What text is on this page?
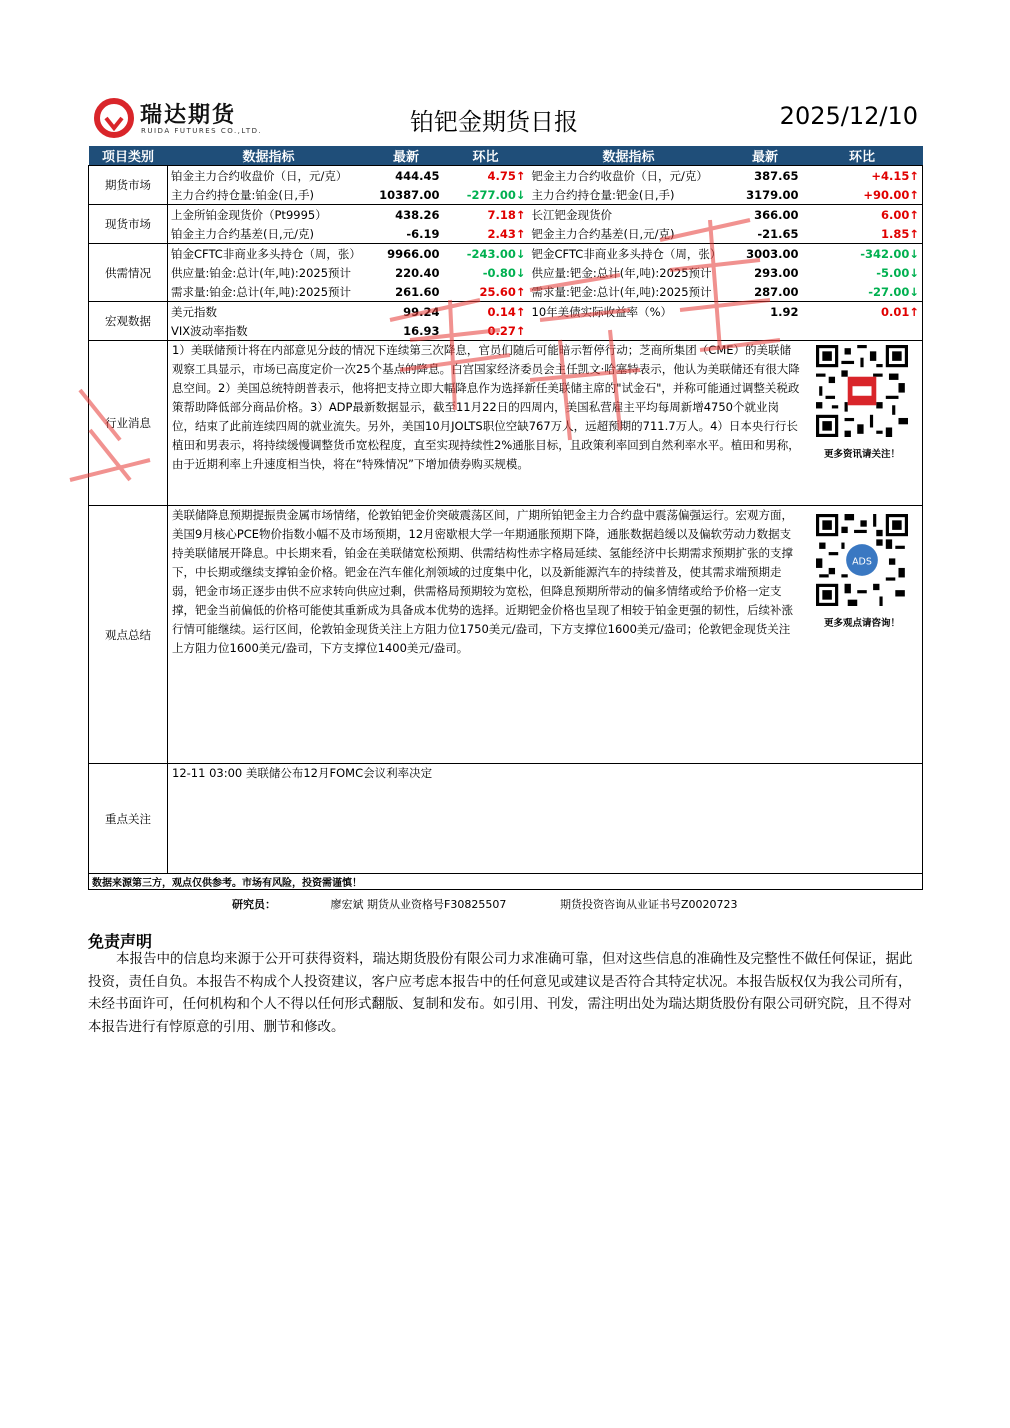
瑞达期货
RUIDA FUTURES CO.,LTD.	铂钯金期货日报	2025/12/10
项目类别	数据指标	最新	环比	数据指标	最新	环比
期货市场	铂金主力合约收盘价（日，元/克）	444.45	4.75↑	钯金主力合约收盘价（日，元/克）	387.65	+4.15↑
	主力合约持仓量:铂金(日,手)	10387.00	-277.00↓	主力合约持仓量:钯金(日,手)	3179.00	+90.00↑
现货市场	上金所铂金现货价（Pt9995）	438.26	7.18↑	长江钯金现货价	366.00	6.00↑
	铂金主力合约基差(日,元/克)	-6.19	2.43↑	钯金主力合约基差(日,元/克)	-21.65	1.85↑
供需情况	铂金CFTC非商业多头持仓（周，张）	9966.00	-243.00↓	钯金CFTC非商业多头持仓（周，张）	3003.00	-342.00↓
	供应量:铂金:总计(年,吨):2025预计	220.40	-0.80↓	供应量:钯金:总计(年,吨):2025预计	293.00	-5.00↓
	需求量:铂金:总计(年,吨):2025预计	261.60	25.60↑	需求量:钯金:总计(年,吨):2025预计	287.00	-27.00↓
宏观数据	美元指数	99.24	0.14↑	10年美债实际收益率（%）	1.92	0.01↑
	VIX波动率指数	16.93	0.27↑			
行业消息	1）美联储预计将在内部意见分歧的情况下连续第三次降息，官员们随后可能暗示暂停行动；芝商所集团（CME）的美联储观察工具显示，市场已高度定价一次25个基点的降息。白宫国家经济委员会主任凯文·哈塞特表示，他认为美联储还有很大降息空间。2）美国总统特朗普表示，他将把支持立即大幅降息作为选择新任美联储主席的"试金石"，并称可能通过调整关税政策帮助降低部分商品价格。3）ADP最新数据显示，截至11月22日的四周内，美国私营雇主平均每周新增4750个就业岗位，结束了此前连续四周的就业流失。另外，美国10月JOLTS职位空缺767万人，远超预期的711.7万人。4）日本央行行长植田和男表示，将持续缓慢调整货币宽松程度，直至实现持续性2%通胀目标，且政策利率回到自然利率水平。植田和男称，由于近期利率上升速度相当快，将在“特殊情况”下增加债券购买规模。
更多资讯请关注！					

观点总结	美联储降息预期提振贵金属市场情绪，伦敦铂钯金价突破震荡区间，广期所铂钯金主力合约盘中震荡偏强运行。宏观方面，美国9月核心PCE物价指数小幅不及市场预期，12月密歇根大学一年期通胀预期下降，通胀数据趋缓以及偏软劳动力数据支持美联储展开降息。中长期来看，铂金在美联储宽松预期、供需结构性赤字格局延续、氢能经济中长期需求预期扩张的支撑下，中长期或继续支撑铂金价格。钯金在汽车催化剂领域的过度集中化，以及新能源汽车的持续普及，使其需求端预期走弱，钯金市场正逐步由供不应求转向供应过剩，供需格局预期较为宽松，但降息预期所带动的偏多情绪或给予价格一定支撑，钯金当前偏低的价格可能使其重新成为具备成本优势的选择。近期钯金价格也呈现了相较于铂金更强的韧性，后续补涨行情可能继续。运行区间，伦敦铂金现货关注上方阻力位1750美元/盎司，下方支撑位1600美元/盎司；伦敦钯金现货关注上方阻力位1600美元/盎司，下方支撑位1400美元/盎司。
ADS
更多观点请咨询！					

重点关注	12-11 03:00 美联储公布12月FOMC会议利率决定					

数据来源第三方，观点仅供参考。市场有风险，投资需谨慎！						
研究员：	廖宏斌 期货从业资格号F30825507	期货投资咨询从业证书号Z0020723
免责声明
本报告中的信息均来源于公开可获得资料，瑞达期货股份有限公司力求准确可靠，但对这些信息的准确性及完整性不做任何保证，据此投资，责任自负。本报告不构成个人投资建议，客户应考虑本报告中的任何意见或建议是否符合其特定状况。本报告版权仅为我公司所有，未经书面许可，任何机构和个人不得以任何形式翻版、复制和发布。如引用、刊发，需注明出处为瑞达期货股份有限公司研究院，且不得对本报告进行有悖原意的引用、删节和修改。
